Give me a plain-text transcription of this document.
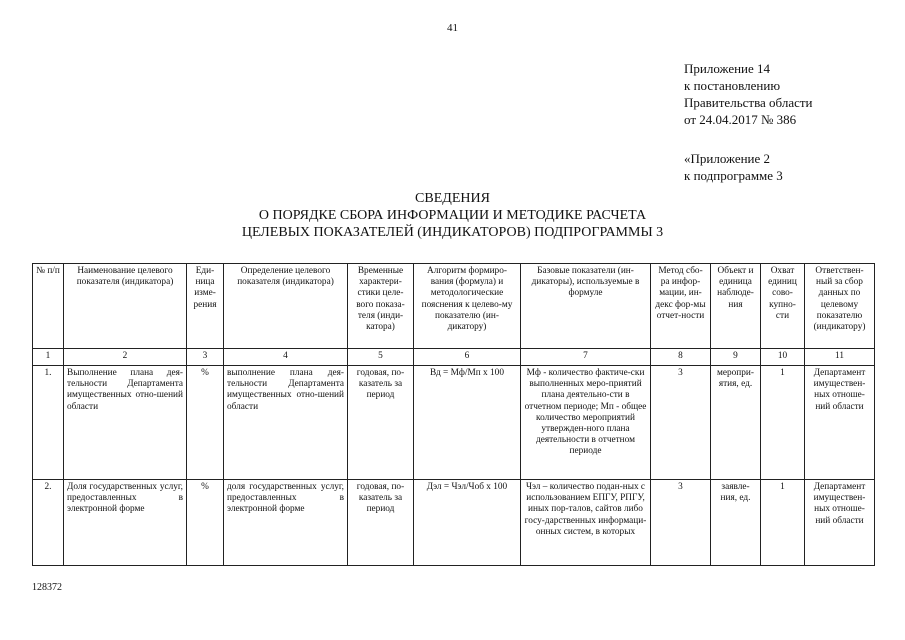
41
Приложение 14
к постановлению
Правительства области
от 24.04.2017 № 386
«Приложение 2
к подпрограмме 3
СВЕДЕНИЯ
О ПОРЯДКЕ СБОРА ИНФОРМАЦИИ И МЕТОДИКЕ РАСЧЕТА
ЦЕЛЕВЫХ ПОКАЗАТЕЛЕЙ (ИНДИКАТОРОВ) ПОДПРОГРАММЫ 3
№ п/п	Наименование целевого показателя (индикатора)	Еди-ница изме-рения	Определение целевого показателя (индикатора)	Временные характери-стики целе-вого показа-теля (инди-катора)	Алгоритм формиро-вания (формула) и методологические пояснения к целево-му показателю (ин-дикатору)	Базовые показатели (ин-дикаторы), используемые в формуле	Метод сбо-ра инфор-мации, ин-декс фор-мы отчет-ности	Объект и единица наблюде-ния	Охват единиц сово-купно-сти	Ответствен-ный за сбор данных по целевому показателю (индикатору)
1	2	3	4	5	6	7	8	9	10	11
1.	Выполнение плана дея-тельности Департамента имущественных отно-шений области	%	выполнение плана дея-тельности Департамента имущественных отно-шений области	годовая, по-казатель за период	Вд = Мф/Мп х 100	Мф - количество фактиче-ски выполненных меро-приятий плана деятельно-сти в отчетном периоде; Мп - общее количество мероприятий утвержден-ного плана деятельности в отчетном периоде	3	меропри-ятия, ед.	1	Департамент имуществен-ных отноше-ний области
2.	Доля государственных услуг, предоставленных в электронной форме	%	доля государственных услуг, предоставленных в электронной форме	годовая, по-казатель за период	Дэл = Чэл/Чоб х 100	Чэл – количество подан-ных с использованием ЕПГУ, РПГУ, иных пор-талов, сайтов либо госу-дарственных информаци-онных систем, в которых	3	заявле-ния, ед.	1	Департамент имуществен-ных отноше-ний области
128372
